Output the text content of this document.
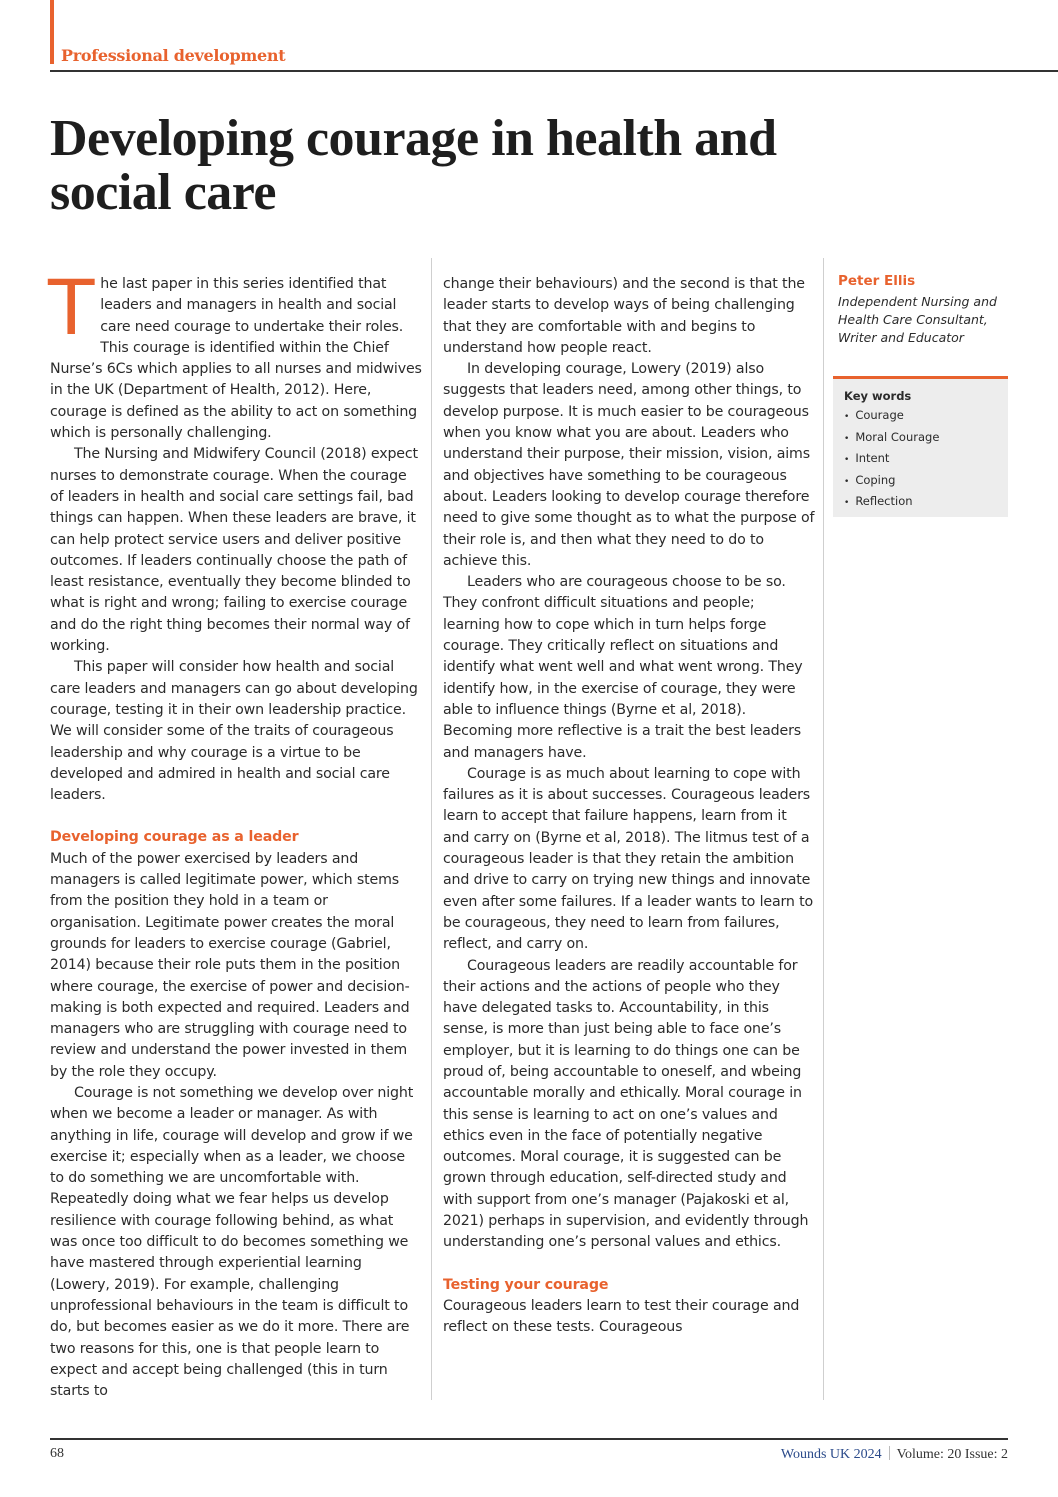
Professional development
Developing courage in health and social care

The last paper in this series identified that leaders and managers in health and social care need courage to undertake their roles. This courage is identified within the Chief Nurse’s 6Cs which applies to all nurses and midwives in the UK (Department of Health, 2012). Here, courage is defined as the ability to act on something which is personally challenging.

The Nursing and Midwifery Council (2018) expect nurses to demonstrate courage. When the courage of leaders in health and social care settings fail, bad things can happen. When these leaders are brave, it can help protect service users and deliver positive outcomes. If leaders continually choose the path of least resistance, eventually they become blinded to what is right and wrong; failing to exercise courage and do the right thing becomes their normal way of working.

This paper will consider how health and social care leaders and managers can go about developing courage, testing it in their own leadership practice. We will consider some of the traits of courageous leadership and why courage is a virtue to be developed and admired in health and social care leaders.

Developing courage as a leader

Much of the power exercised by leaders and managers is called legitimate power, which stems from the position they hold in a team or organisation. Legitimate power creates the moral grounds for leaders to exercise courage (Gabriel, 2014) because their role puts them in the position where courage, the exercise of power and decision-making is both expected and required. Leaders and managers who are struggling with courage need to review and understand the power invested in them by the role they occupy.

Courage is not something we develop over night when we become a leader or manager. As with anything in life, courage will develop and grow if we exercise it; especially when as a leader, we choose to do something we are uncomfortable with. Repeatedly doing what we fear helps us develop resilience with courage following behind, as what was once too difficult to do becomes something we have mastered through experiential learning (Lowery, 2019). For example, challenging unprofessional behaviours in the team is difficult to do, but becomes easier as we do it more. There are two reasons for this, one is that people learn to expect and accept being challenged (this in turn starts to

change their behaviours) and the second is that the leader starts to develop ways of being challenging that they are comfortable with and begins to understand how people react.

In developing courage, Lowery (2019) also suggests that leaders need, among other things, to develop purpose. It is much easier to be courageous when you know what you are about. Leaders who understand their purpose, their mission, vision, aims and objectives have something to be courageous about. Leaders looking to develop courage therefore need to give some thought as to what the purpose of their role is, and then what they need to do to achieve this.

Leaders who are courageous choose to be so. They confront difficult situations and people; learning how to cope which in turn helps forge courage. They critically reflect on situations and identify what went well and what went wrong. They identify how, in the exercise of courage, they were able to influence things (Byrne et al, 2018). Becoming more reflective is a trait the best leaders and managers have.

Courage is as much about learning to cope with failures as it is about successes. Courageous leaders learn to accept that failure happens, learn from it and carry on (Byrne et al, 2018). The litmus test of a courageous leader is that they retain the ambition and drive to carry on trying new things and innovate even after some failures. If a leader wants to learn to be courageous, they need to learn from failures, reflect, and carry on.

Courageous leaders are readily accountable for their actions and the actions of people who they have delegated tasks to. Accountability, in this sense, is more than just being able to face one’s employer, but it is learning to do things one can be proud of, being accountable to oneself, and wbeing accountable morally and ethically. Moral courage in this sense is learning to act on one’s values and ethics even in the face of potentially negative outcomes. Moral courage, it is suggested can be grown through education, self-directed study and with support from one’s manager (Pajakoski et al, 2021) perhaps in supervision, and evidently through understanding one’s personal values and ethics.

Testing your courage

Courageous leaders learn to test their courage and reflect on these tests. Courageous

Peter Ellis
Independent Nursing and Health Care Consultant, Writer and Educator
Key words
• Courage
• Moral Courage
• Intent
• Coping
• Reflection
68	Wounds UK 2024 Volume: 20 Issue: 2
